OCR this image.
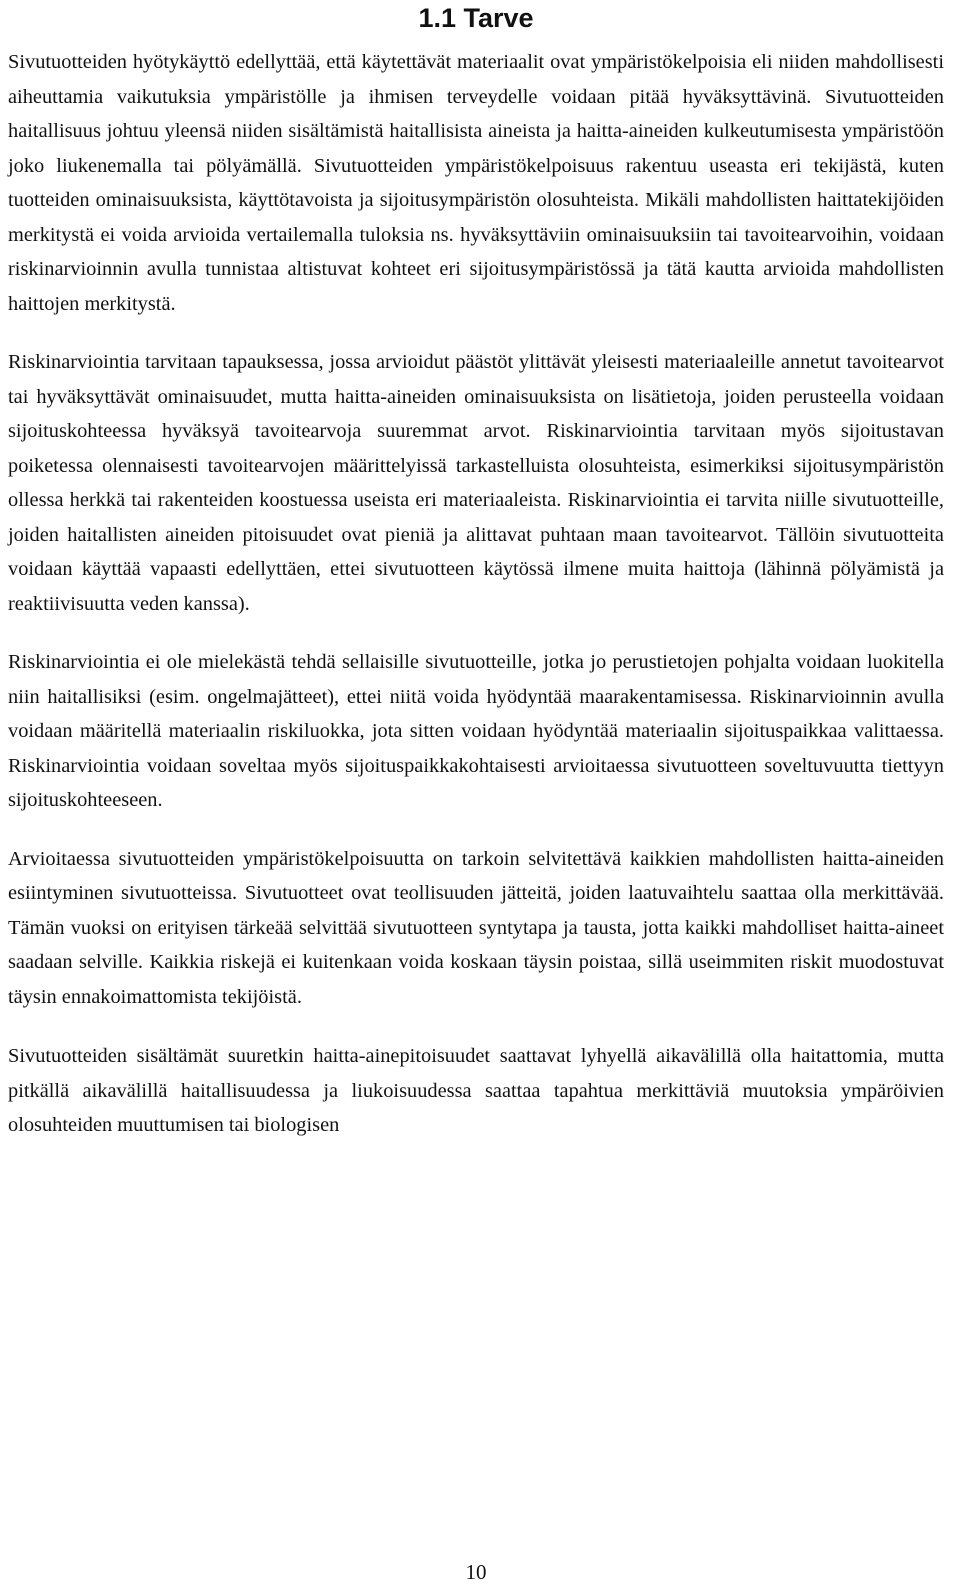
1.1 Tarve

Sivutuotteiden hyötykäyttö edellyttää, että käytettävät materiaalit ovat ympäristökelpoisia eli niiden mahdollisesti aiheuttamia vaikutuksia ympäristölle ja ihmisen terveydelle voidaan pitää hyväksyttävinä. Sivutuotteiden haitallisuus johtuu yleensä niiden sisältämistä haitallisista aineista ja haitta-aineiden kulkeutumisesta ympäristöön joko liukenemalla tai pölyämällä. Sivutuotteiden ympäristökelpoisuus rakentuu useasta eri tekijästä, kuten tuotteiden ominaisuuksista, käyttötavoista ja sijoitusympäristön olosuhteista. Mikäli mahdollisten haittatekijöiden merkitystä ei voida arvioida vertailemalla tuloksia ns. hyväksyttäviin ominaisuuksiin tai tavoitearvoihin, voidaan riskinarvioinnin avulla tunnistaa altistuvat kohteet eri sijoitusympäristössä ja tätä kautta arvioida mahdollisten haittojen merkitystä.

Riskinarviointia tarvitaan tapauksessa, jossa arvioidut päästöt ylittävät yleisesti materiaaleille annetut tavoitearvot tai hyväksyttävät ominaisuudet, mutta haitta-aineiden ominaisuuksista on lisätietoja, joiden perusteella voidaan sijoituskohteessa hyväksyä tavoitearvoja suuremmat arvot. Riskinarviointia tarvitaan myös sijoitustavan poiketessa olennaisesti tavoitearvojen määrittelyissä tarkastelluista olosuhteista, esimerkiksi sijoitusympäristön ollessa herkkä tai rakenteiden koostuessa useista eri materiaaleista. Riskinarviointia ei tarvita niille sivutuotteille, joiden haitallisten aineiden pitoisuudet ovat pieniä ja alittavat puhtaan maan tavoitearvot. Tällöin sivutuotteita voidaan käyttää vapaasti edellyttäen, ettei sivutuotteen käytössä ilmene muita haittoja (lähinnä pölyämistä ja reaktiivisuutta veden kanssa).

Riskinarviointia ei ole mielekästä tehdä sellaisille sivutuotteille, jotka jo perustietojen pohjalta voidaan luokitella niin haitallisiksi (esim. ongelmajätteet), ettei niitä voida hyödyntää maarakentamisessa. Riskinarvioinnin avulla voidaan määritellä materiaalin riskiluokka, jota sitten voidaan hyödyntää materiaalin sijoituspaikkaa valittaessa. Riskinarviointia voidaan soveltaa myös sijoituspaikkakohtaisesti arvioitaessa sivutuotteen soveltuvuutta tiettyyn sijoituskohteeseen.

Arvioitaessa sivutuotteiden ympäristökelpoisuutta on tarkoin selvitettävä kaikkien mahdollisten haitta-aineiden esiintyminen sivutuotteissa. Sivutuotteet ovat teollisuuden jätteitä, joiden laatuvaihtelu saattaa olla merkittävää. Tämän vuoksi on erityisen tärkeää selvittää sivutuotteen syntytapa ja tausta, jotta kaikki mahdolliset haitta-aineet saadaan selville. Kaikkia riskejä ei kuitenkaan voida koskaan täysin poistaa, sillä useimmiten riskit muodostuvat täysin ennakoimattomista tekijöistä.

Sivutuotteiden sisältämät suuretkin haitta-ainepitoisuudet saattavat lyhyellä aikavälillä olla haitattomia, mutta pitkällä aikavälillä haitallisuudessa ja liukoisuudessa saattaa tapahtua merkittäviä muutoksia ympäröivien olosuhteiden muuttumisen tai biologisen

10
